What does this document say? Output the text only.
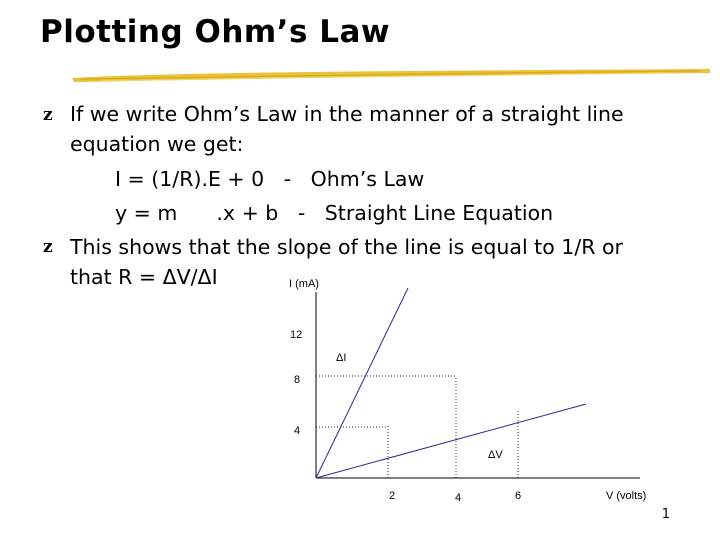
Plotting Ohm’s Law
z If we write Ohm’s Law in the manner of a straight line
equation we get:
I = (1/R).E + 0   -   Ohm’s Law
y = m      .x + b   -   Straight Line Equation
z This shows that the slope of the line is equal to 1/R or
that R = ΔV/ΔI	I (mA)
V (volts)
12
8
4
2	4	6
ΔI
ΔV
1
